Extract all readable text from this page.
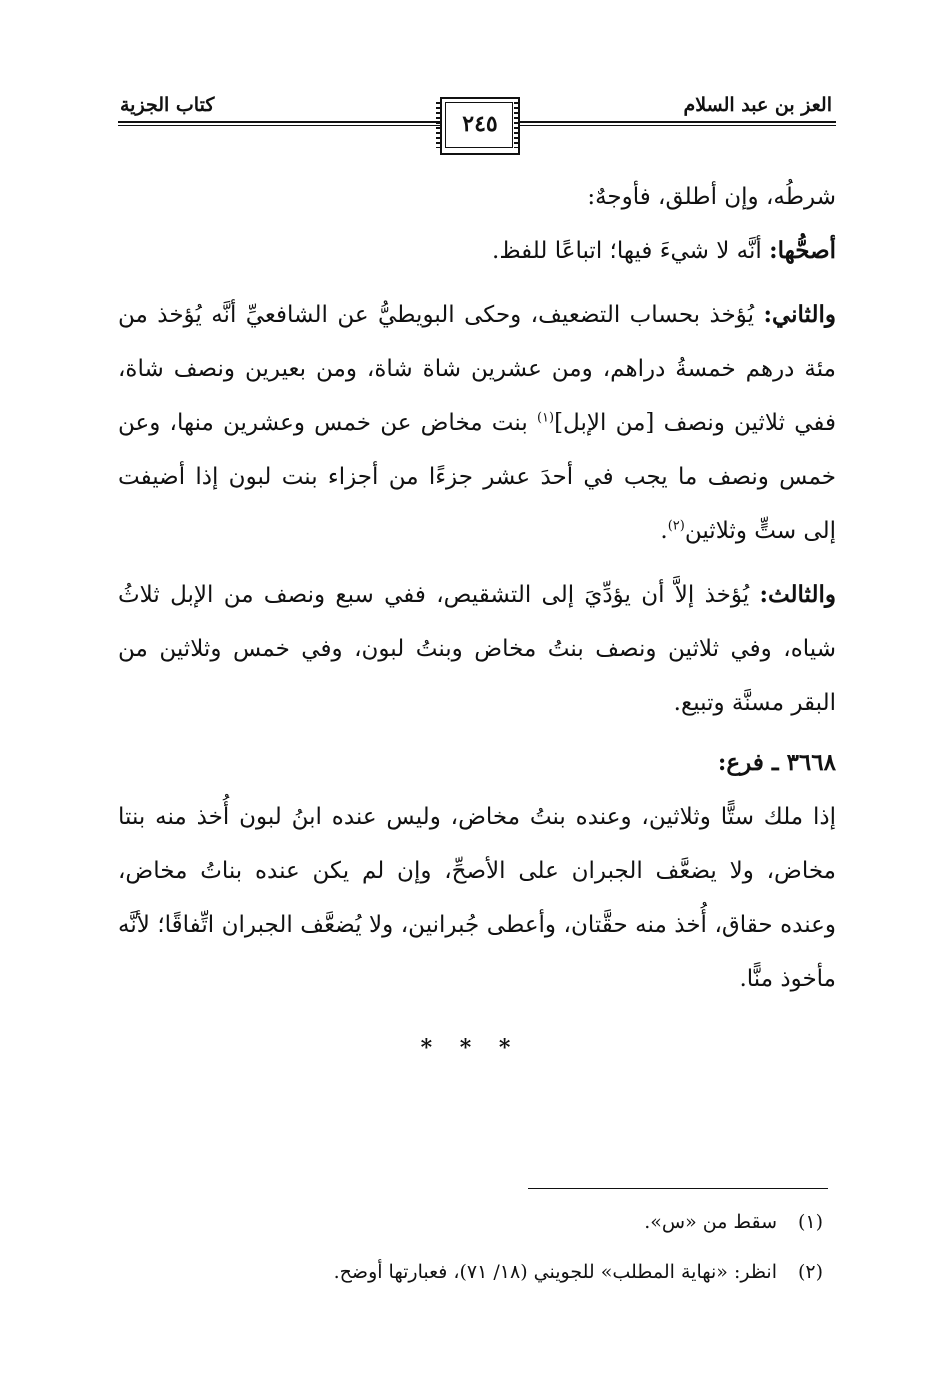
كتاب الجزية	العز بن عبد السلام
٢٤٥

شرطُه، وإن أطلق، فأوجهٌ:

أصحُّها: أنَّه لا شيءَ فيها؛ اتباعًا للفظ.

والثاني: يُؤخذ بحساب التضعيف، وحكى البويطيُّ عن الشافعيِّ أنَّه يُؤخذ من مئة درهم خمسةُ دراهم، ومن عشرين شاة شاة، ومن بعيرين ونصف شاة، ففي ثلاثين ونصف [من الإبل]$^{(١)}$ بنت مخاض عن خمس وعشرين منها، وعن خمس ونصف ما يجب في أحدَ عشر جزءًا من أجزاء بنت لبون إذا أضيفت إلى ستٍّ وثلاثين$^{(٢)}$.

والثالث: يُؤخذ إلاَّ أن يؤدِّيَ إلى التشقيص، ففي سبع ونصف من الإبل ثلاثُ شياه، وفي ثلاثين ونصف بنتُ مخاض وبنتُ لبون، وفي خمس وثلاثين من البقر مسنَّة وتبيع.

٣٦٦٨ ـ فرع:

إذا ملك ستًّا وثلاثين، وعنده بنتُ مخاض، وليس عنده ابنُ لبون أُخذ منه بنتا مخاض، ولا يضعَّف الجبران على الأصحِّ، وإن لم يكن عنده بناتُ مخاض، وعنده حقاق، أُخذ منه حقَّتان، وأعطى جُبرانين، ولا يُضعَّف الجبران اتِّفاقًا؛ لأنَّه مأخوذ منًّا.

* * *
(١)سقط من «س».
(٢)انظر: «نهاية المطلب» للجويني (١٨/ ٧١)، فعبارتها أوضح.
